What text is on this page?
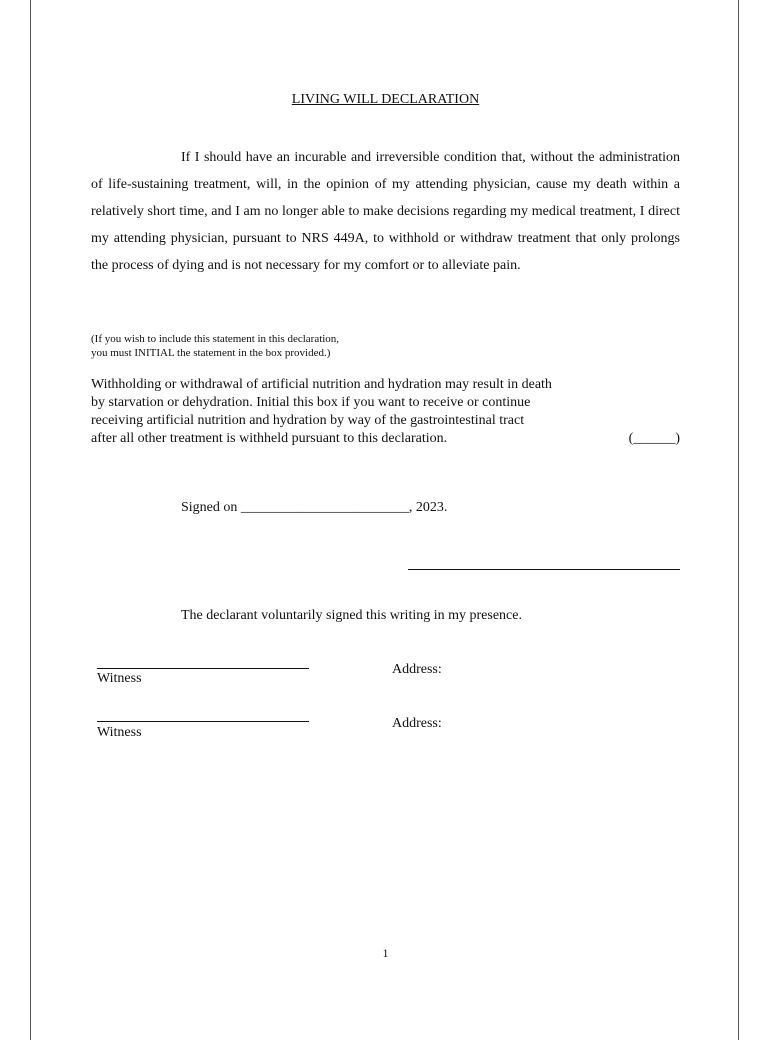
LIVING WILL DECLARATION

If I should have an incurable and irreversible condition that, without the administration of life-sustaining treatment, will, in the opinion of my attending physician, cause my death within a relatively short time, and I am no longer able to make decisions regarding my medical treatment, I direct my attending physician, pursuant to NRS 449A, to withhold or withdraw treatment that only prolongs the process of dying and is not necessary for my comfort or to alleviate pain.

(If you wish to include this statement in this declaration,
you must INITIAL the statement in the box provided.)
Withholding or withdrawal of artificial nutrition and hydration may result in death
by starvation or dehydration. Initial this box if you want to receive or continue
receiving artificial nutrition and hydration by way of the gastrointestinal tract
after all other treatment is withheld pursuant to this declaration.	(______)
Signed on ________________________, 2023.
The declarant voluntarily signed this writing in my presence.
Witness
Address:
Witness
Address:
1
